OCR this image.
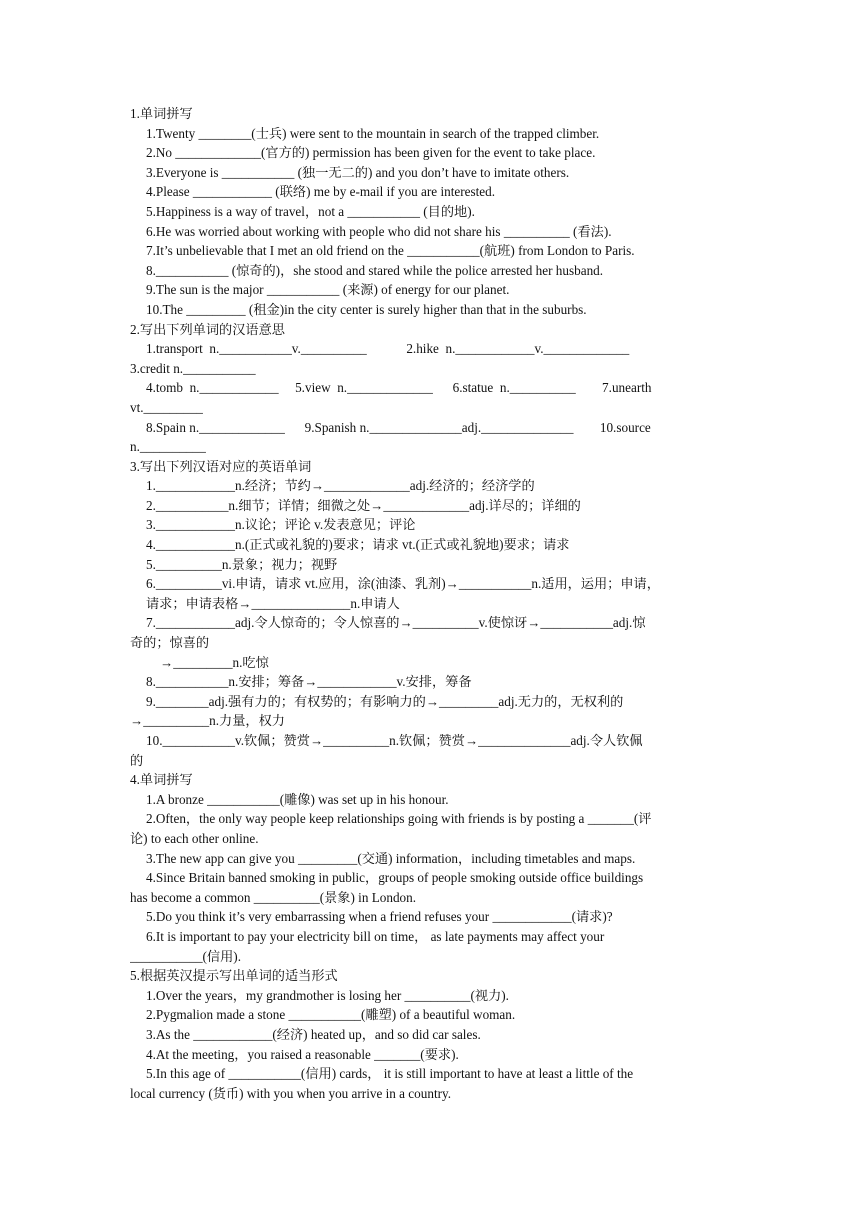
1.单词拼写
1.Twenty ________(士兵) were sent to the mountain in search of the trapped climber.
2.No _____________(官方的) permission has been given for the event to take place.
3.Everyone is ___________ (独一无二的) and you don’t have to imitate others.
4.Please ____________ (联络) me by e-mail if you are interested.
5.Happiness is a way of travel，not a ___________ (目的地).
6.He was worried about working with people who did not share his __________ (看法).
7.It’s unbelievable that I met an old friend on the ___________(航班) from London to Paris.
8.___________ (惊奇的)，she stood and stared while the police arrested her husband.
9.The sun is the major ___________ (来源) of energy for our planet.
10.The _________ (租金)in the city center is surely higher than that in the suburbs.
2.写出下列单词的汉语意思
1.transport  n.___________v.__________            2.hike  n.____________v._____________
3.credit n.___________
4.tomb  n.____________     5.view  n._____________      6.statue  n.__________        7.unearth
vt._________
8.Spain n._____________      9.Spanish n.______________adj.______________        10.source
n.__________
3.写出下列汉语对应的英语单词
1.____________n.经济；节约→_____________adj.经济的；经济学的
2.___________n.细节；详情；细微之处→_____________adj.详尽的；详细的
3.____________n.议论；评论 v.发表意见；评论
4.____________n.(正式或礼貌的)要求；请求 vt.(正式或礼貌地)要求；请求
5.__________n.景象；视力；视野
6.__________vi.申请，请求 vt.应用，涂(油漆、乳剂)→___________n.适用，运用；申请，
请求；申请表格→_______________n.申请人
7.____________adj.令人惊奇的；令人惊喜的→__________v.使惊讶→___________adj.惊
奇的；惊喜的
→_________n.吃惊
8.___________n.安排；筹备→____________v.安排，筹备
9.________adj.强有力的；有权势的；有影响力的→_________adj.无力的，无权利的
→__________n.力量，权力
10.___________v.钦佩；赞赏→__________n.钦佩；赞赏→______________adj.令人钦佩
的
4.单词拼写
1.A bronze ___________(雕像) was set up in his honour.
2.Often，the only way people keep relationships going with friends is by posting a _______(评
论) to each other online.
3.The new app can give you _________(交通) information，including timetables and maps.
4.Since Britain banned smoking in public，groups of people smoking outside office buildings
has become a common __________(景象) in London.
5.Do you think it’s very embarrassing when a friend refuses your ____________(请求)?
6.It is important to pay your electricity bill on time， as late payments may affect your
___________(信用).
5.根据英汉提示写出单词的适当形式
1.Over the years，my grandmother is losing her __________(视力).
2.Pygmalion made a stone ___________(雕塑) of a beautiful woman.
3.As the ____________(经济) heated up，and so did car sales.
4.At the meeting，you raised a reasonable _______(要求).
5.In this age of ___________(信用) cards， it is still important to have at least a little of the
local currency (货币) with you when you arrive in a country.
